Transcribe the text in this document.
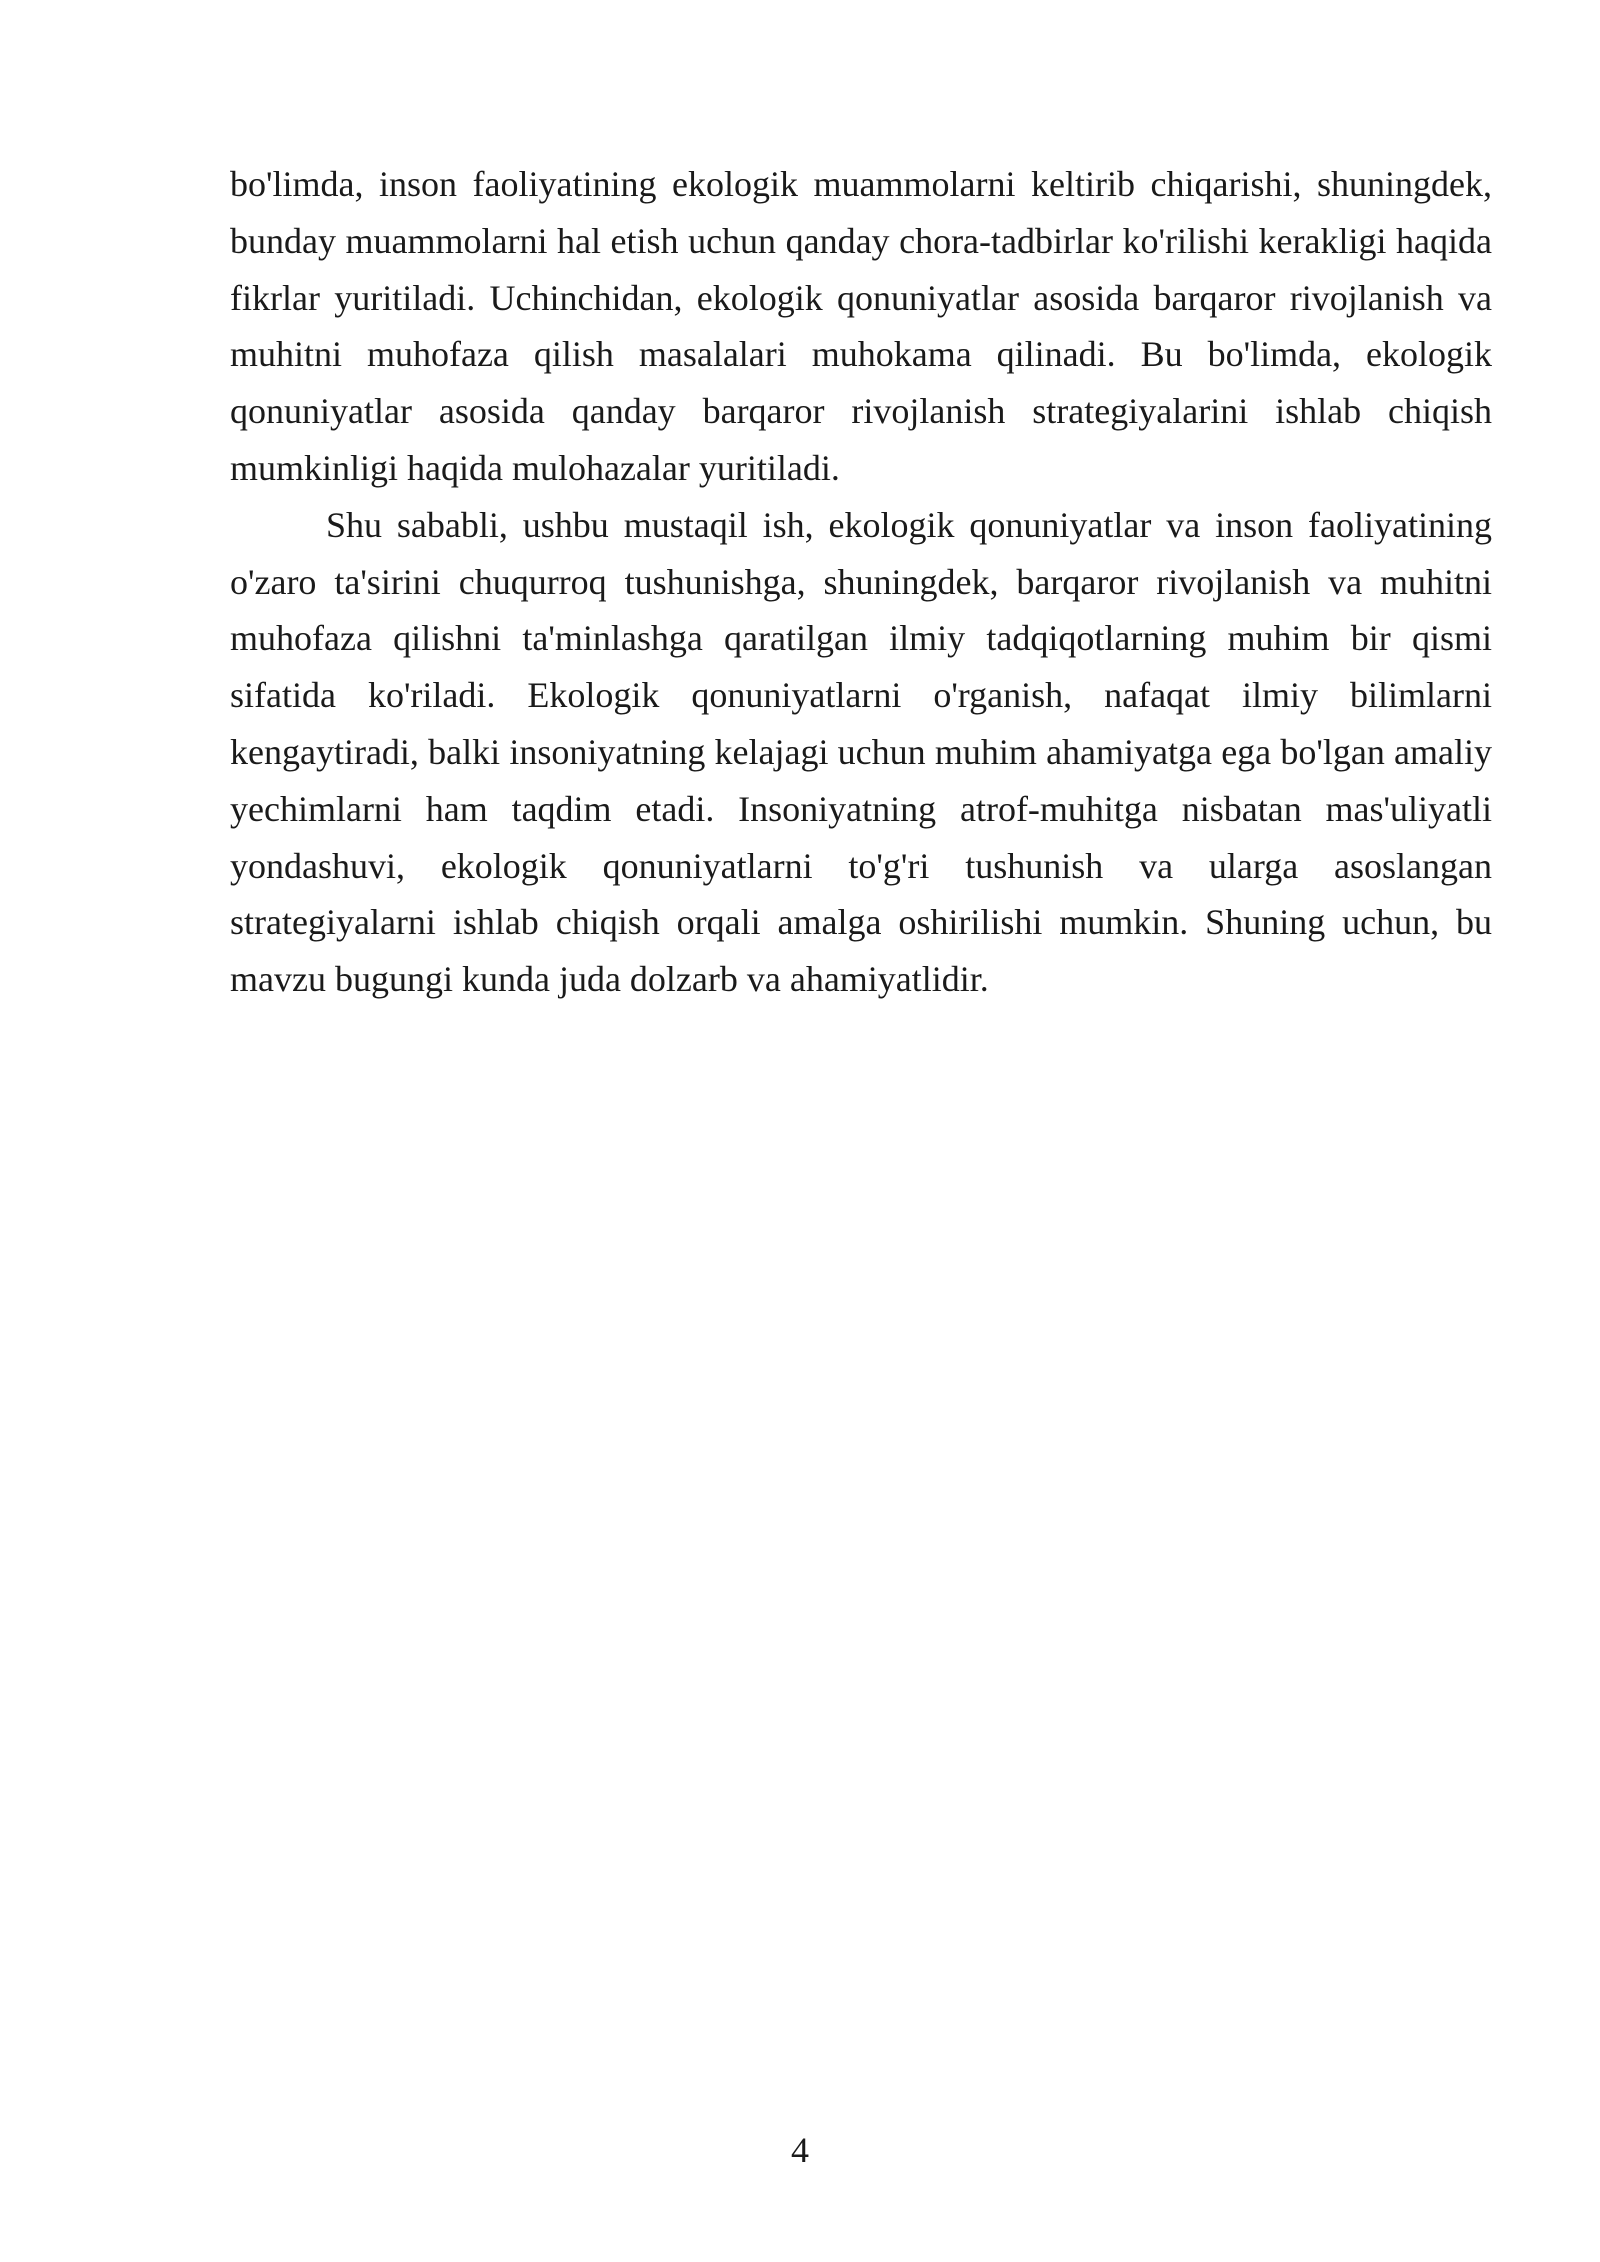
bo'limda, inson faoliyatining ekologik muammolarni keltirib chiqarishi, shuningdek, bunday muammolarni hal etish uchun qanday chora-tadbirlar ko'rilishi kerakligi haqida fikrlar yuritiladi. Uchinchidan, ekologik qonuniyatlar asosida barqaror rivojlanish va muhitni muhofaza qilish masalalari muhokama qilinadi. Bu bo'limda, ekologik qonuniyatlar asosida qanday barqaror rivojlanish strategiyalarini ishlab chiqish mumkinligi haqida mulohazalar yuritiladi.

Shu sababli, ushbu mustaqil ish, ekologik qonuniyatlar va inson faoliyatining o'zaro ta'sirini chuqurroq tushunishga, shuningdek, barqaror rivojlanish va muhitni muhofaza qilishni ta'minlashga qaratilgan ilmiy tadqiqotlarning muhim bir qismi sifatida ko'riladi. Ekologik qonuniyatlarni o'rganish, nafaqat ilmiy bilimlarni kengaytiradi, balki insoniyatning kelajagi uchun muhim ahamiyatga ega bo'lgan amaliy yechimlarni ham taqdim etadi. Insoniyatning atrof-muhitga nisbatan mas'uliyatli yondashuvi, ekologik qonuniyatlarni to'g'ri tushunish va ularga asoslangan strategiyalarni ishlab chiqish orqali amalga oshirilishi mumkin. Shuning uchun, bu mavzu bugungi kunda juda dolzarb va ahamiyatlidir.

4
